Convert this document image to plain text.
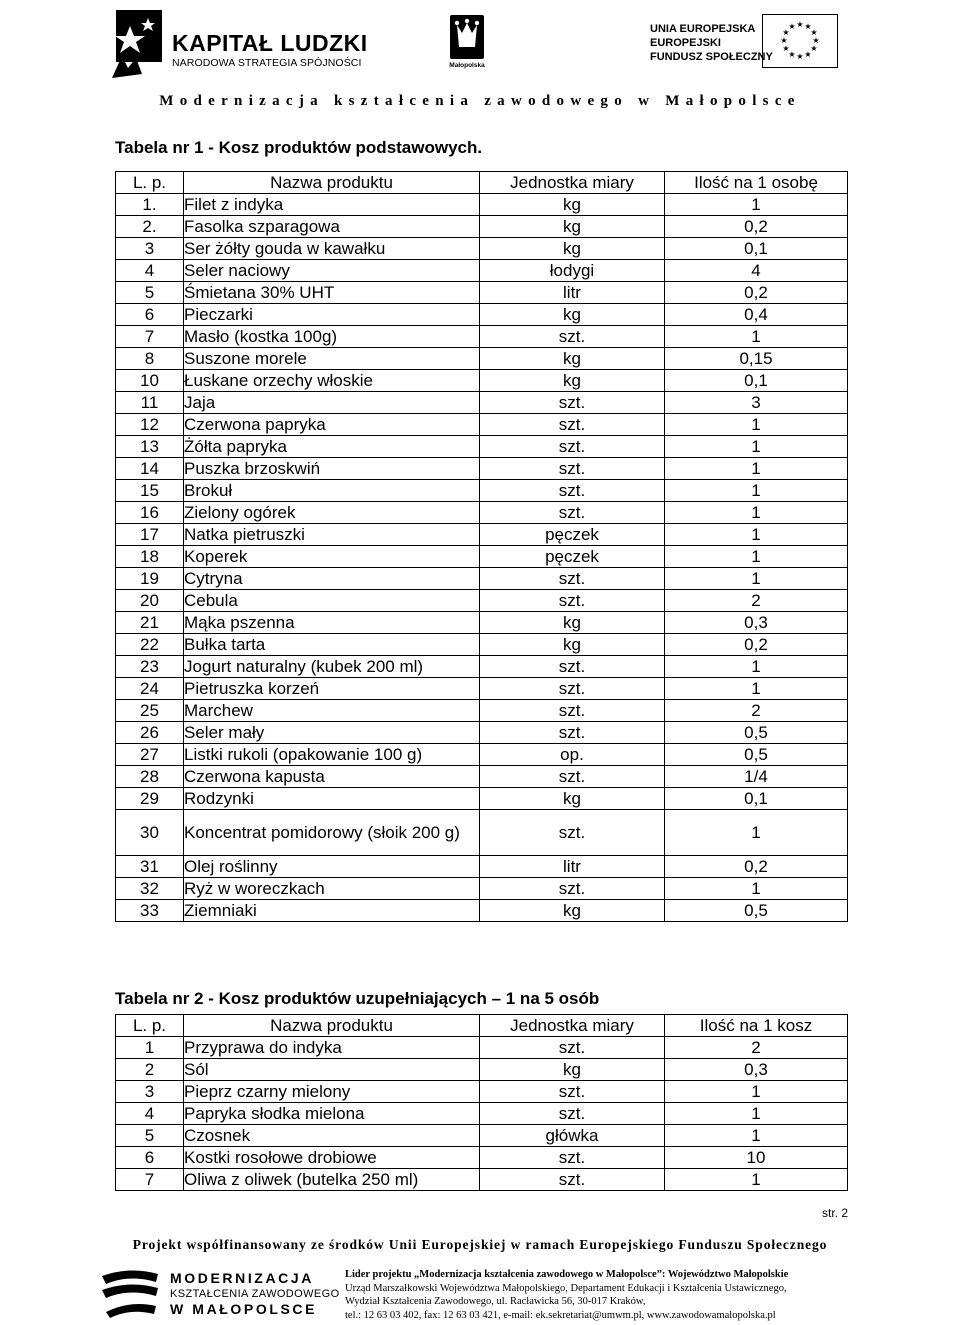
KAPITAŁ LUDZKI
NARODOWA STRATEGIA SPÓJNOŚCI	Małopolska
UNIA EUROPEJSKA
EUROPEJSKI
FUNDUSZ SPOŁECZNY
★ ★
★
★
★
★
★
★
★
★
★
★
Modernizacja kształcenia zawodowego w Małopolsce
Tabela nr 1 - Kosz produktów podstawowych.
L. p.	Nazwa produktu	Jednostka miary	Ilość na 1 osobę
1.	Filet z indyka	kg	1
2.	Fasolka szparagowa	kg	0,2
3	Ser żółty gouda w kawałku	kg	0,1
4	Seler naciowy	łodygi	4
5	Śmietana 30% UHT	litr	0,2
6	Pieczarki	kg	0,4
7	Masło (kostka 100g)	szt.	1
8	Suszone morele	kg	0,15
10	Łuskane orzechy włoskie	kg	0,1
11	Jaja	szt.	3
12	Czerwona papryka	szt.	1
13	Żółta papryka	szt.	1
14	Puszka brzoskwiń	szt.	1
15	Brokuł	szt.	1
16	Zielony ogórek	szt.	1
17	Natka pietruszki	pęczek	1
18	Koperek	pęczek	1
19	Cytryna	szt.	1
20	Cebula	szt.	2
21	Mąka pszenna	kg	0,3
22	Bułka tarta	kg	0,2
23	Jogurt naturalny (kubek 200 ml)	szt.	1
24	Pietruszka korzeń	szt.	1
25	Marchew	szt.	2
26	Seler mały	szt.	0,5
27	Listki rukoli (opakowanie 100 g)	op.	0,5
28	Czerwona kapusta	szt.	1/4
29	Rodzynki	kg	0,1
30	Koncentrat pomidorowy (słoik 200 g)	szt.	1
31	Olej roślinny	litr	0,2
32	Ryż w woreczkach	szt.	1
33	Ziemniaki	kg	0,5
Tabela nr 2 - Kosz produktów uzupełniających – 1 na 5 osób
L. p.	Nazwa produktu	Jednostka miary	Ilość na 1 kosz
1	Przyprawa do indyka	szt.	2
2	Sól	kg	0,3
3	Pieprz czarny mielony	szt.	1
4	Papryka słodka mielona	szt.	1
5	Czosnek	główka	1
6	Kostki rosołowe drobiowe	szt.	10
7	Oliwa z oliwek (butelka 250 ml)	szt.	1
str. 2
Projekt współfinansowany ze środków Unii Europejskiej w ramach Europejskiego Funduszu Społecznego
MODERNIZACJA
KSZTAŁCENIA ZAWODOWEGO
W MAŁOPOLSCE
Lider projektu „Modernizacja kształcenia zawodowego w Małopolsce”: Województwo Małopolskie
Urząd Marszałkowski Województwa Małopolskiego, Departament Edukacji i Kształcenia Ustawicznego,
Wydział Kształcenia Zawodowego, ul. Racławicka 56, 30-017 Kraków,
tel.: 12 63 03 402, fax: 12 63 03 421, e-mail: ek.sekretariat@umwm.pl, www.zawodowamalopolska.pl
